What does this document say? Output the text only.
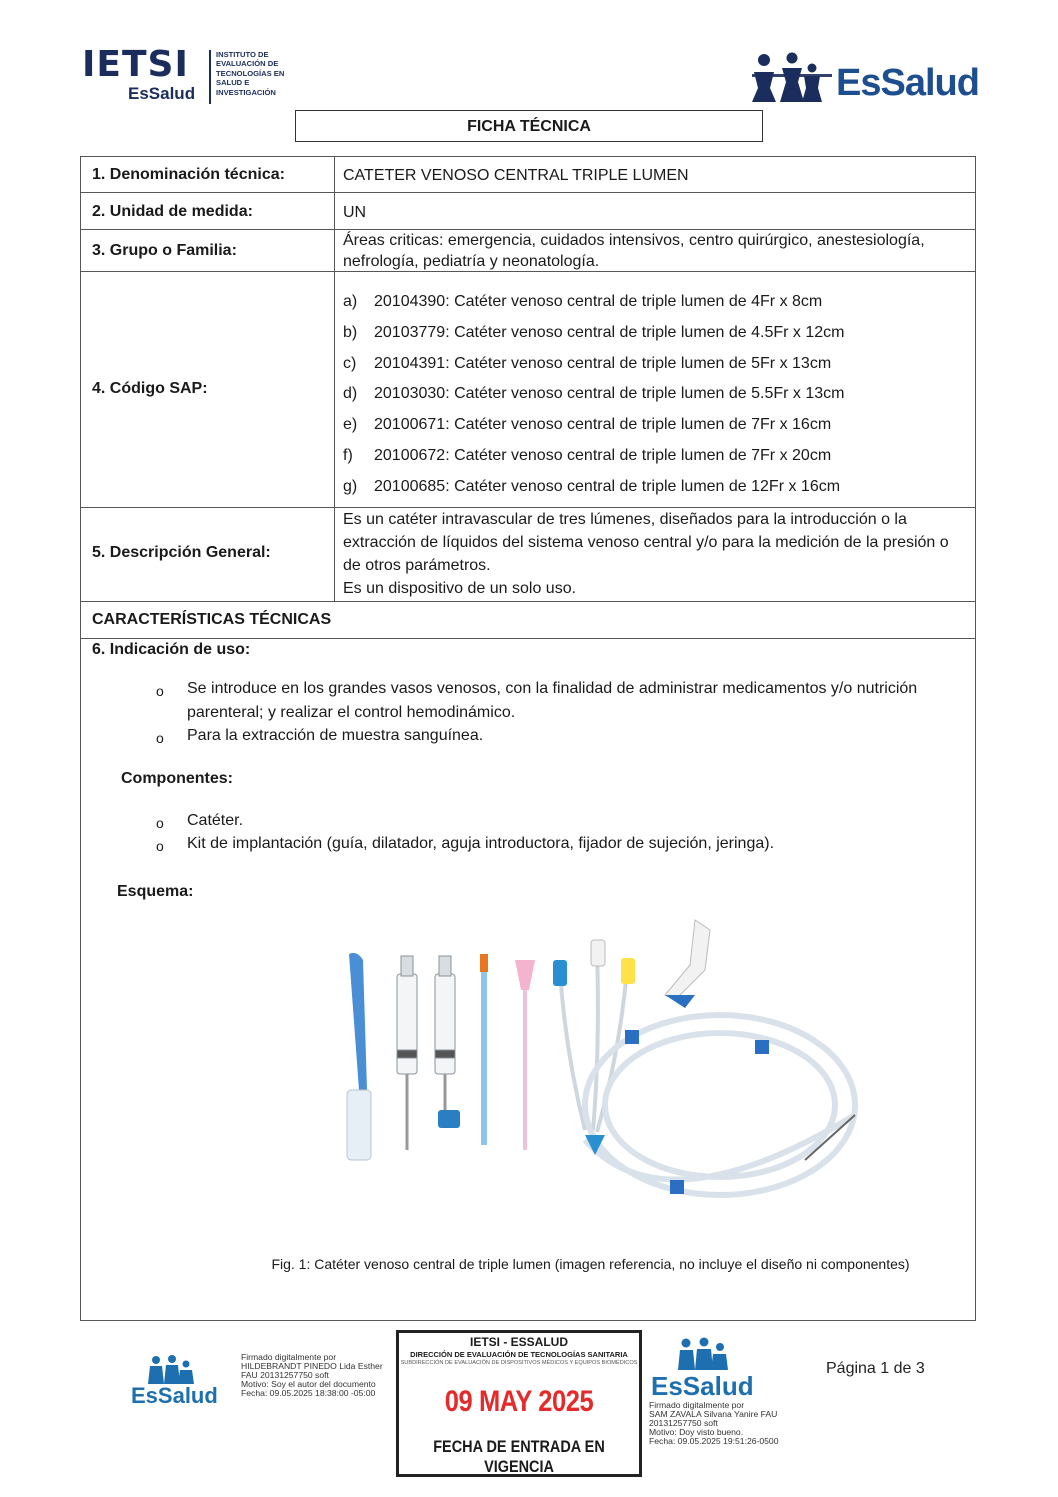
IETSI
EsSalud
INSTITUTO DE
EVALUACIÓN DE
TECNOLOGÍAS EN
SALUD E
INVESTIGACIÓN	EsSalud
FICHA TÉCNICA
1. Denominación técnica:	CATETER VENOSO CENTRAL TRIPLE LUMEN
2. Unidad de medida:	UN
3. Grupo o Familia:
Áreas criticas: emergencia, cuidados intensivos, centro quirúrgico, anestesiología, nefrología, pediatría y neonatología.
4. Código SAP:
a) 20104390: Catéter venoso central de triple lumen de 4Fr x 8cm
b) 20103779: Catéter venoso central de triple lumen de 4.5Fr x 12cm
c) 20104391: Catéter venoso central de triple lumen de 5Fr x 13cm
d) 20103030: Catéter venoso central de triple lumen de 5.5Fr x 13cm
e) 20100671: Catéter venoso central de triple lumen de 7Fr x 16cm
f) 20100672: Catéter venoso central de triple lumen de 7Fr x 20cm
g) 20100685: Catéter venoso central de triple lumen de 12Fr x 16cm
5. Descripción General:
Es un catéter intravascular de tres lúmenes, diseñados para la introducción o la extracción de líquidos del sistema venoso central y/o para la medición de la presión o de otros parámetros.
Es un dispositivo de un solo uso.
CARACTERÍSTICAS TÉCNICAS
6. Indicación de uso:
o Se introduce en los grandes vasos venosos, con la finalidad de administrar medicamentos y/o nutrición parenteral; y realizar el control hemodinámico.
o Para la extracción de muestra sanguínea.
Componentes:
o Catéter.
o Kit de implantación (guía, dilatador, aguja introductora, fijador de sujeción, jeringa).
Esquema:
Fig. 1: Catéter venoso central de triple lumen (imagen referencia, no incluye el diseño ni componentes)
EsSalud
Firmado digitalmente por
HILDEBRANDT PINEDO Lida Esther
FAU 20131257750 soft
Motivo: Soy el autor del documento
Fecha: 09.05.2025 18:38:00 -05:00
IETSI - ESSALUD
DIRECCIÓN DE EVALUACIÓN DE TECNOLOGÍAS SANITARIA
SUBDIRECCIÓN DE EVALUACIÓN DE DISPOSITIVOS MÉDICOS Y EQUIPOS BIOMÉDICOS
09 MAY 2025
FECHA DE ENTRADA EN VIGENCIA
EsSalud
Firmado digitalmente por
SAM ZAVALA Silvana Yanire FAU
20131257750 soft
Motivo: Doy visto bueno.
Fecha: 09.05.2025 19:51:26-0500
Página 1 de 3
